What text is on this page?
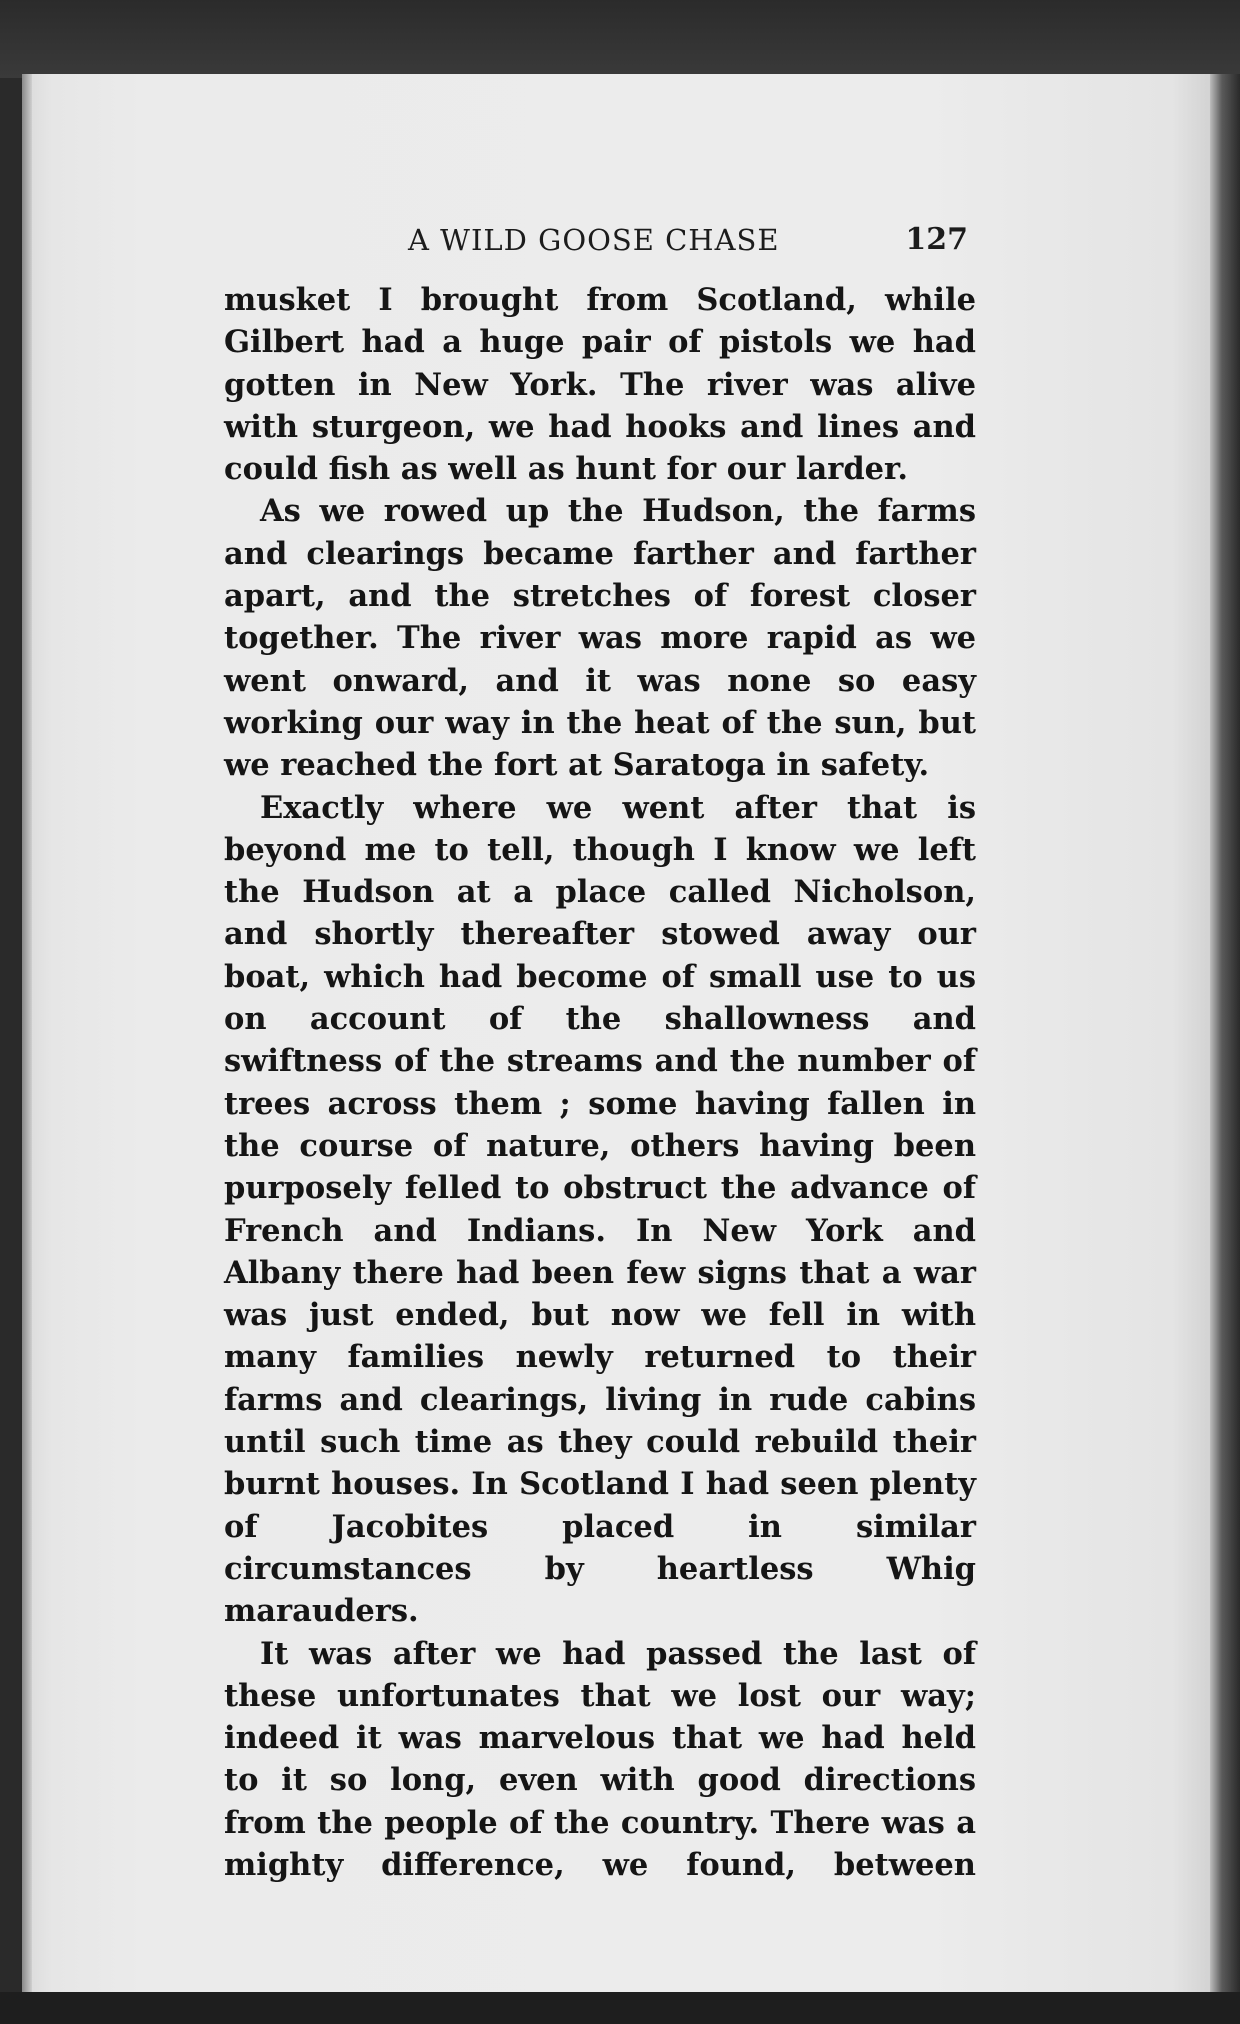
A WILD GOOSE CHASE	127

musket I brought from Scotland, while Gilbert had a huge pair of pistols we had gotten in New York. The river was alive with sturgeon, we had hooks and lines and could fish as well as hunt for our larder.

As we rowed up the Hudson, the farms and clearings became farther and farther apart, and the stretches of forest closer together. The river was more rapid as we went onward, and it was none so easy working our way in the heat of the sun, but we reached the fort at Saratoga in safety.

Exactly where we went after that is beyond me to tell, though I know we left the Hudson at a place called Nicholson, and shortly thereafter stowed away our boat, which had become of small use to us on account of the shallowness and swiftness of the streams and the number of trees across them ; some having fallen in the course of nature, others having been purposely felled to obstruct the advance of French and Indians. In New York and Albany there had been few signs that a war was just ended, but now we fell in with many families newly returned to their farms and clearings, living in rude cabins until such time as they could rebuild their burnt houses. In Scotland I had seen plenty of Jacobites placed in similar circumstances by heartless Whig marauders.

It was after we had passed the last of these unfortunates that we lost our way; indeed it was marvelous that we had held to it so long, even with good directions from the people of the country. There was a mighty difference, we found, between
